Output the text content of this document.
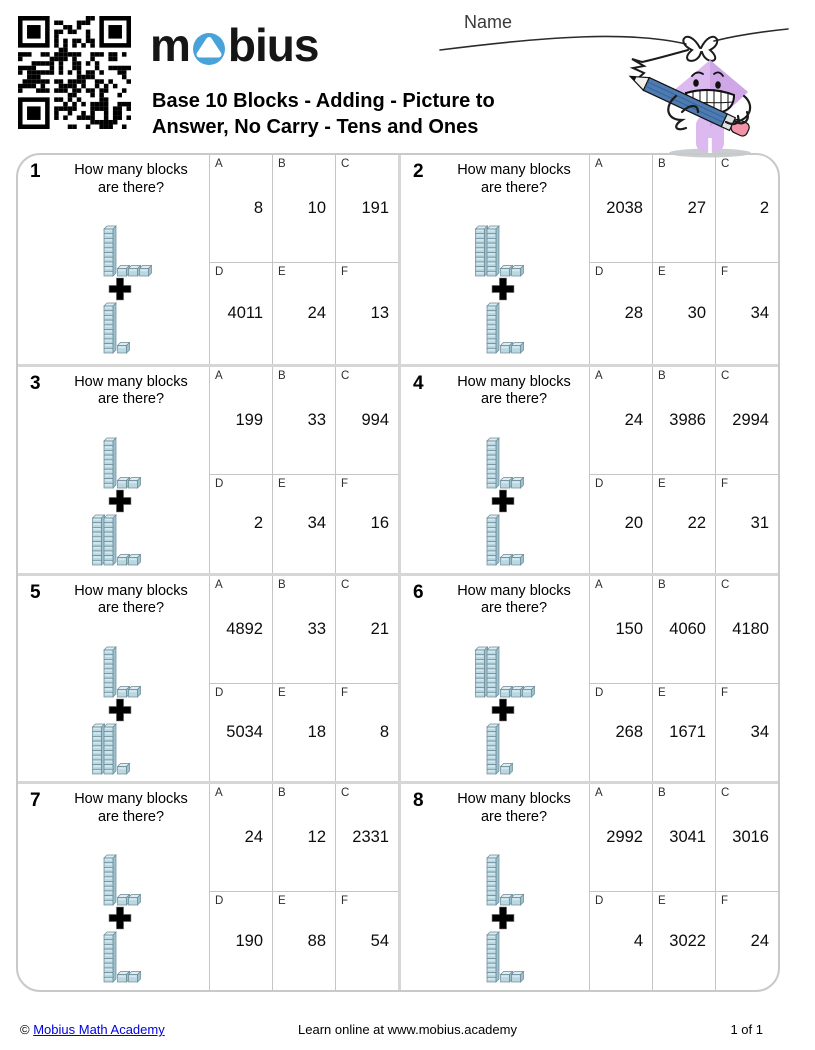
m bius
Base 10 Blocks - Adding - Picture to
Answer, No Carry - Tens and Ones
Name
1	How many blocks
are there?
A
8
B
10
C
191
D
4011
E
24
F
13
2	How many blocks
are there?
A
2038
B
27
C
2
D
28
E
30
F
34
3	How many blocks
are there?
A
199
B
33
C
994
D
2
E
34
F
16
4	How many blocks
are there?
A
24
B
3986
C
2994
D
20
E
22
F
31
5	How many blocks
are there?
A
4892
B
33
C
21
D
5034
E
18
F
8
6	How many blocks
are there?
A
150
B
4060
C
4180
D
268
E
1671
F
34
7	How many blocks
are there?
A
24
B
12
C
2331
D
190
E
88
F
54
8	How many blocks
are there?
A
2992
B
3041
C
3016
D
4
E
3022
F
24
© Mobius Math Academy	Learn online at www.mobius.academy	1 of 1
